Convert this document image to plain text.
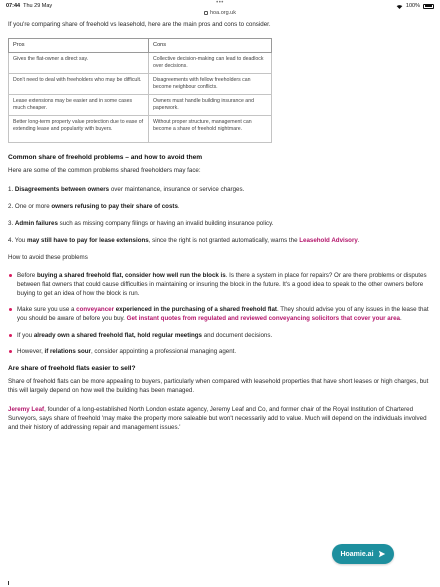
07:44 Thu 29 May	•••	100%
hoa.org.uk

If you're comparing share of freehold vs leasehold, here are the main pros and cons to consider.

Pros	Cons
Gives the flat-owner a direct say.	Collective decision-making can lead to deadlock over decisions.
Don't need to deal with freeholders who may be difficult.	Disagreements with fellow freeholders can become neighbour conflicts.
Lease extensions may be easier and in some cases much cheaper.	Owners must handle building insurance and paperwork.
Better long-term property value protection due to ease of extending lease and popularity with buyers.	Without proper structure, management can become a share of freehold nightmare.
Common share of freehold problems – and how to avoid them

Here are some of the common problems shared freeholders may face:

1. Disagreements between owners over maintenance, insurance or service charges.

2. One or more owners refusing to pay their share of costs.

3. Admin failures such as missing company filings or having an invalid building insurance policy.

4. You may still have to pay for lease extensions, since the right is not granted automatically, warns the Leasehold Advisory.

How to avoid these problems

Before buying a shared freehold flat, consider how well run the block is. Is there a system in place for repairs? Or are there problems or disputes between flat owners that could cause difficulties in maintaining or insuring the block in the future. It's a good idea to speak to the other owners before buying to get an idea of how the block is run.
Make sure you use a conveyancer experienced in the purchasing of a shared freehold flat. They should advise you of any issues in the lease that you should be aware of before you buy. Get instant quotes from regulated and reviewed conveyancing solicitors that cover your area.
If you already own a shared freehold flat, hold regular meetings and document decisions.
However, if relations sour, consider appointing a professional managing agent.
Are share of freehold flats easier to sell?

Share of freehold flats can be more appealing to buyers, particularly when compared with leasehold properties that have short leases or high charges, but this will largely depend on how well the building has been managed.

Jeremy Leaf, founder of a long-established North London estate agency, Jeremy Leaf and Co, and former chair of the Royal Institution of Chartered Surveyors, says share of freehold 'may make the property more saleable but won't necessarily add to value. Much will depend on the individuals involved and their history of addressing repair and management issues.'

Hoamie.ai
